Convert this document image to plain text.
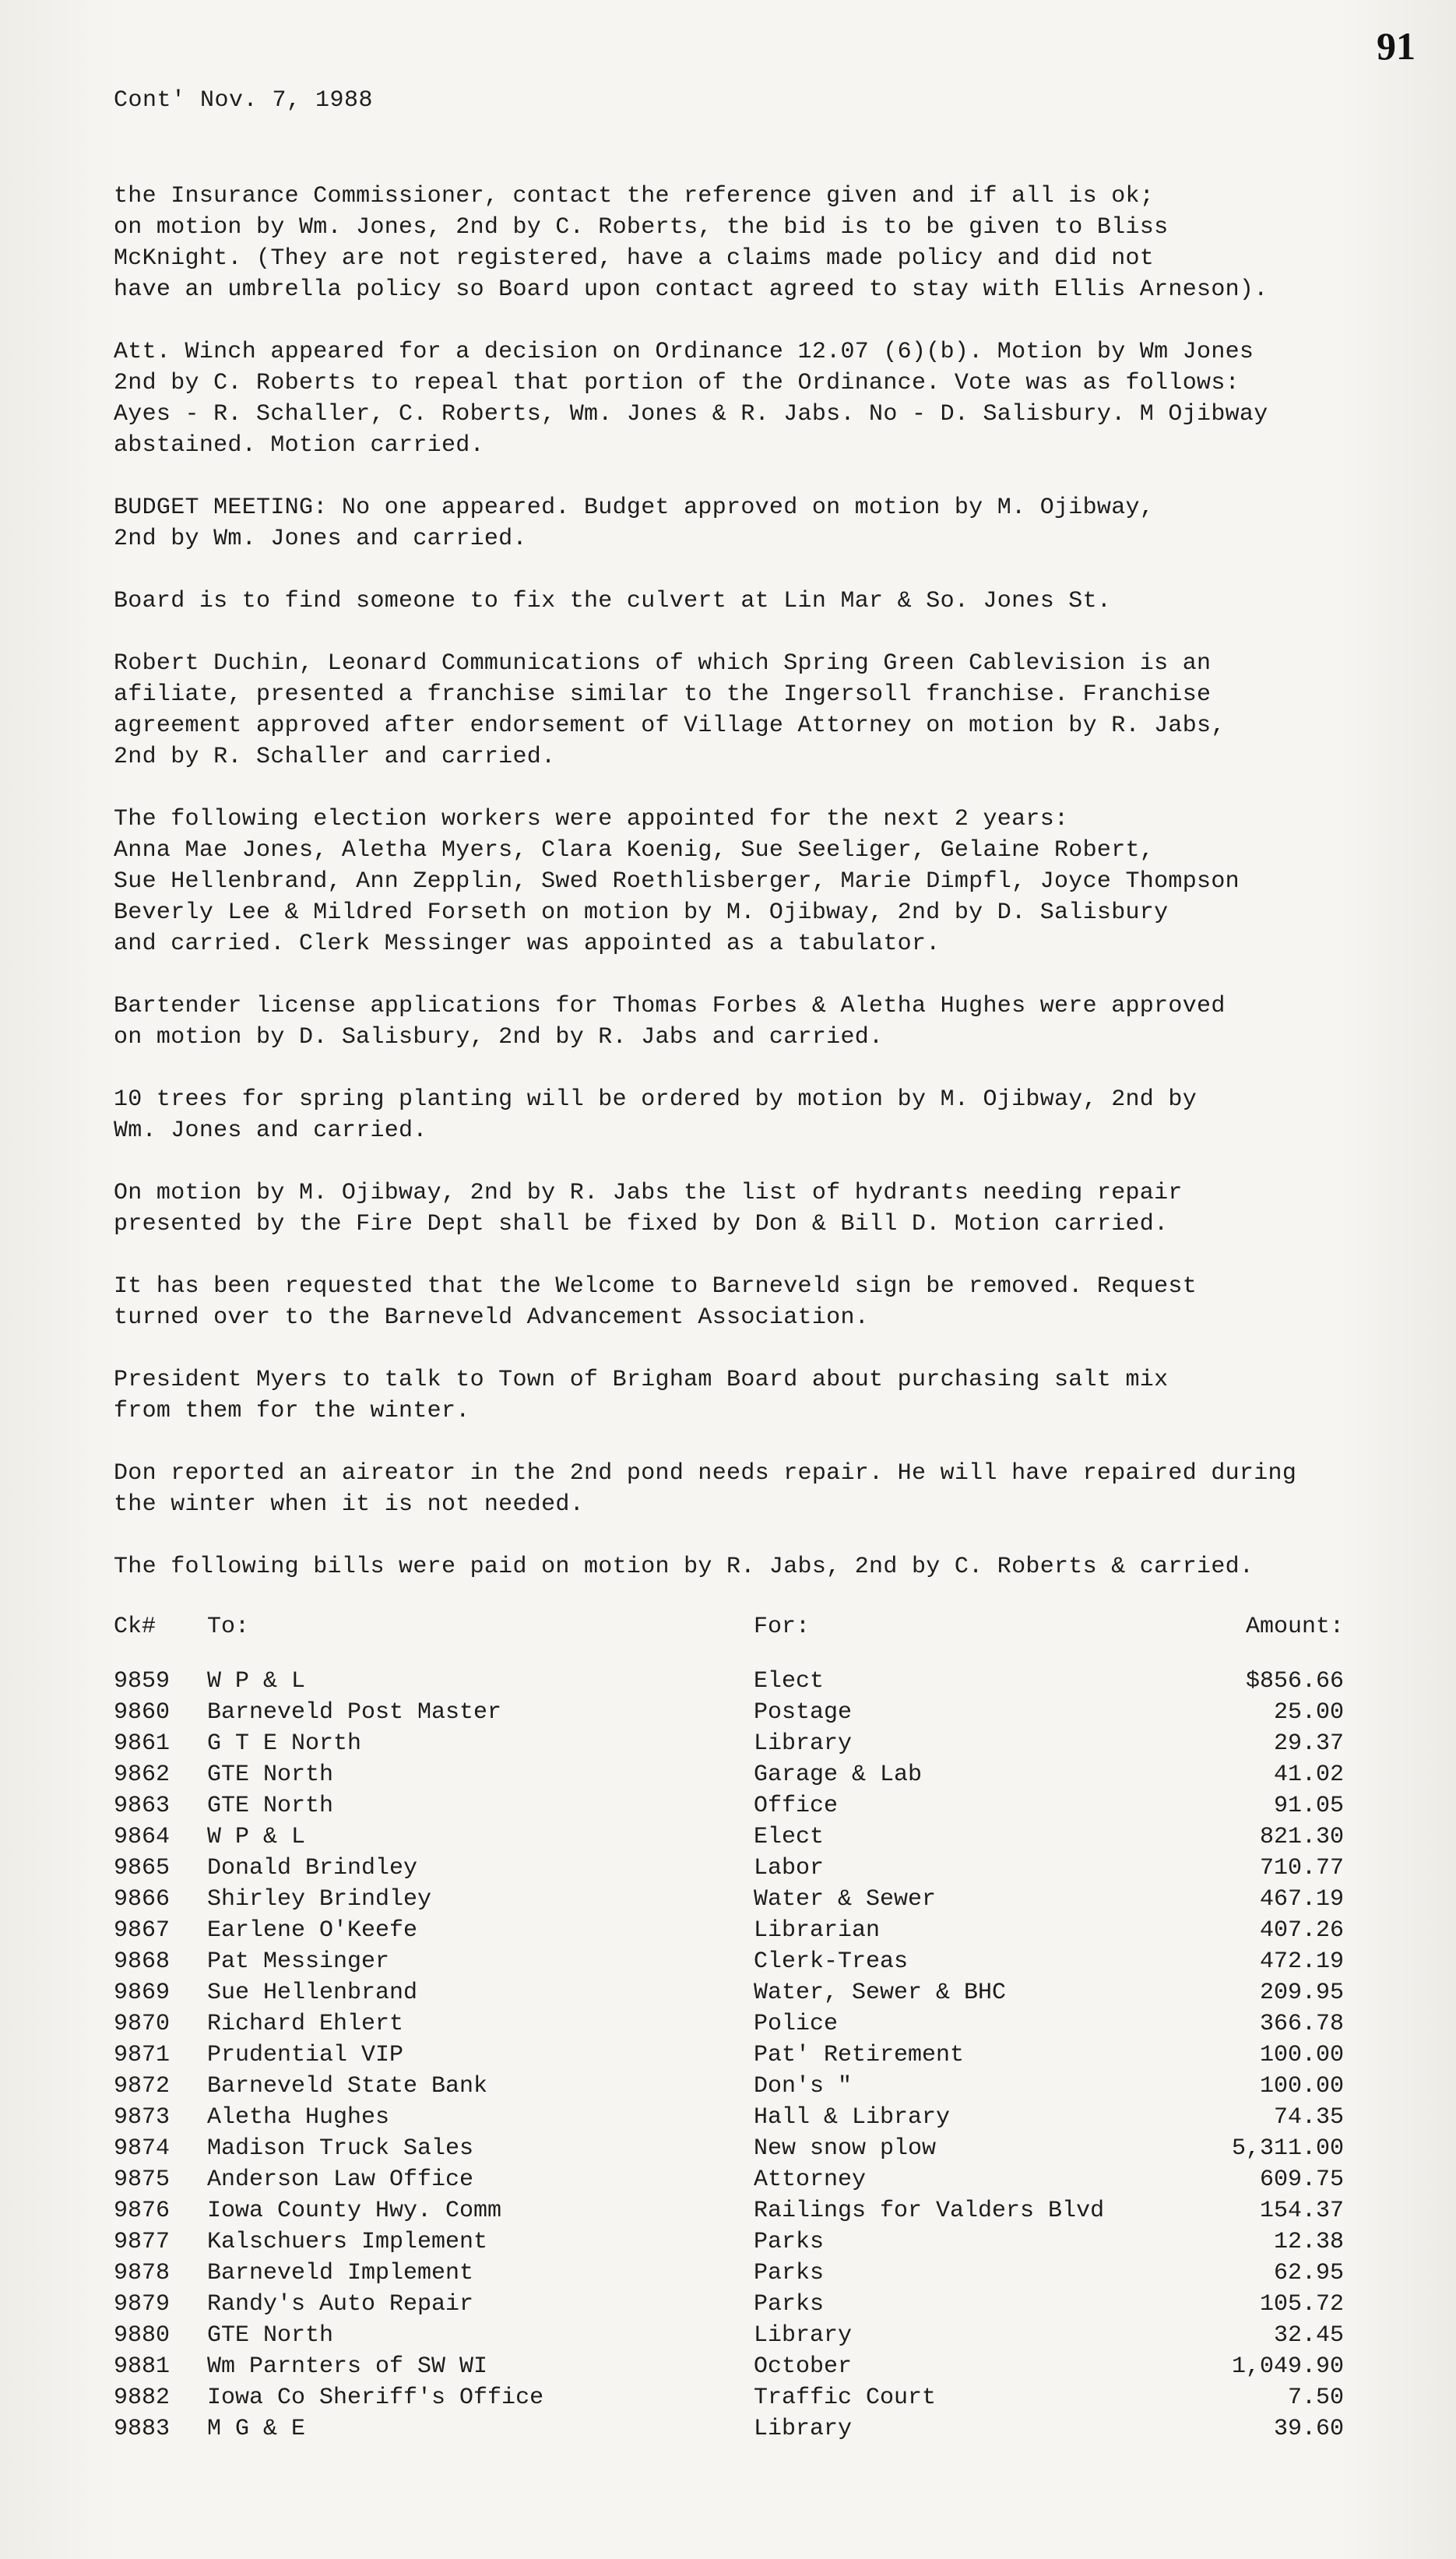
91
Cont' Nov. 7, 1988

the Insurance Commissioner, contact the reference given and if all is ok;
on motion by Wm. Jones, 2nd by C. Roberts, the bid is to be given to Bliss
McKnight. (They are not registered, have a claims made policy and did not
have an umbrella policy so Board upon contact agreed to stay with Ellis Arneson).

Att. Winch appeared for a decision on Ordinance 12.07 (6)(b). Motion by Wm Jones
2nd by C. Roberts to repeal that portion of the Ordinance. Vote was as follows:
Ayes - R. Schaller, C. Roberts, Wm. Jones & R. Jabs. No - D. Salisbury. M Ojibway
abstained. Motion carried.

BUDGET MEETING: No one appeared. Budget approved on motion by M. Ojibway,
2nd by Wm. Jones and carried.

Board is to find someone to fix the culvert at Lin Mar & So. Jones St.

Robert Duchin, Leonard Communications of which Spring Green Cablevision is an
afiliate, presented a franchise similar to the Ingersoll franchise. Franchise
agreement approved after endorsement of Village Attorney on motion by R. Jabs,
2nd by R. Schaller and carried.

The following election workers were appointed for the next 2 years:
Anna Mae Jones, Aletha Myers, Clara Koenig, Sue Seeliger, Gelaine Robert,
Sue Hellenbrand, Ann Zepplin, Swed Roethlisberger, Marie Dimpfl, Joyce Thompson
Beverly Lee & Mildred Forseth on motion by M. Ojibway, 2nd by D. Salisbury
and carried. Clerk Messinger was appointed as a tabulator.

Bartender license applications for Thomas Forbes & Aletha Hughes were approved
on motion by D. Salisbury, 2nd by R. Jabs and carried.

10 trees for spring planting will be ordered by motion by M. Ojibway, 2nd by
Wm. Jones and carried.

On motion by M. Ojibway, 2nd by R. Jabs the list of hydrants needing repair
presented by the Fire Dept shall be fixed by Don & Bill D. Motion carried.

It has been requested that the Welcome to Barneveld sign be removed. Request
turned over to the Barneveld Advancement Association.

President Myers to talk to Town of Brigham Board about purchasing salt mix
from them for the winter.

Don reported an aireator in the 2nd pond needs repair. He will have repaired during
the winter when it is not needed.

The following bills were paid on motion by R. Jabs, 2nd by C. Roberts & carried.

Ck# To:	For:	Amount:
9859 W P & L	Elect	$856.66
9860 Barneveld Post Master	Postage	25.00
9861 G T E North	Library	29.37
9862 GTE North	Garage & Lab	41.02
9863 GTE North	Office	91.05
9864 W P & L	Elect	821.30
9865 Donald Brindley	Labor	710.77
9866 Shirley Brindley	Water & Sewer	467.19
9867 Earlene O'Keefe	Librarian	407.26
9868 Pat Messinger	Clerk-Treas	472.19
9869 Sue Hellenbrand	Water, Sewer & BHC	209.95
9870 Richard Ehlert	Police	366.78
9871 Prudential VIP	Pat' Retirement	100.00
9872 Barneveld State Bank	Don's "	100.00
9873 Aletha Hughes	Hall & Library	74.35
9874 Madison Truck Sales	New snow plow	5,311.00
9875 Anderson Law Office	Attorney	609.75
9876 Iowa County Hwy. Comm	Railings for Valders Blvd	154.37
9877 Kalschuers Implement	Parks	12.38
9878 Barneveld Implement	Parks	62.95
9879 Randy's Auto Repair	Parks	105.72
9880 GTE North	Library	32.45
9881 Wm Parnters of SW WI	October	1,049.90
9882 Iowa Co Sheriff's Office	Traffic Court	7.50
9883 M G & E	Library	39.60
